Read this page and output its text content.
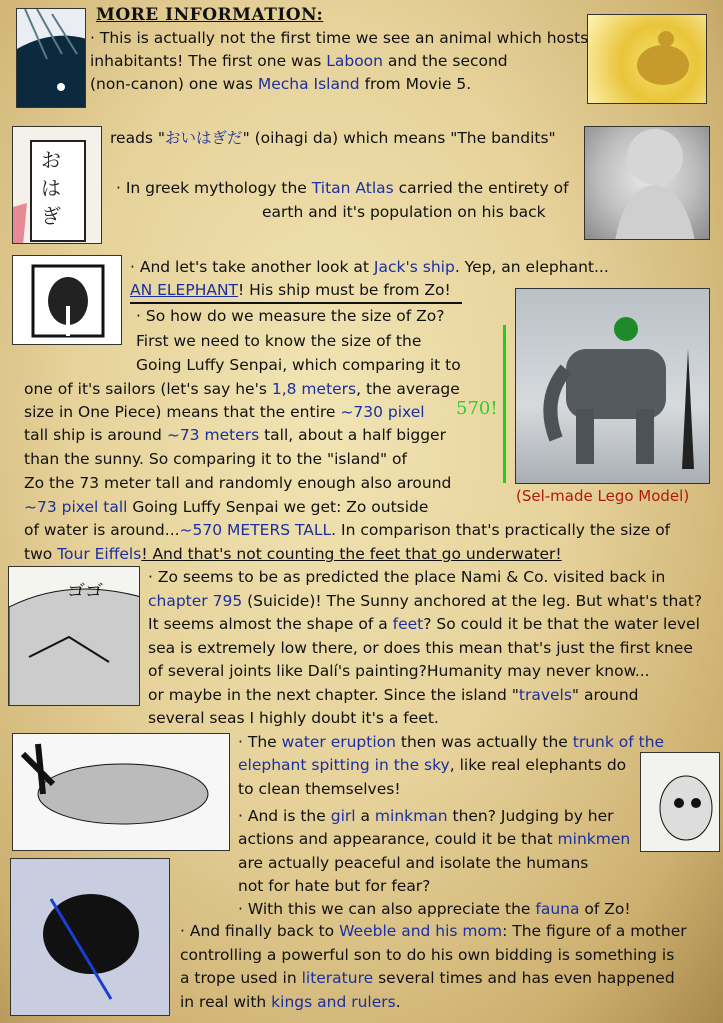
MORE INFORMATION:
お
は
ぎ
ゴゴ

· This is actually not the first time we see an animal which hosts

inhabitants! The first one was Laboon and the second

(non-canon) one was Mecha Island from Movie 5.

reads "おいはぎだ" (oihagi da) which means "The bandits"

· In greek mythology the Titan Atlas carried the entirety of

earth and it's population on his back

· And let's take another look at Jack's ship. Yep, an elephant...

AN ELEPHANT! His ship must be from Zo!

· So how do we measure the size of Zo?

First we need to know the size of the

Going Luffy Senpai, which comparing it to

one of it's sailors (let's say he's 1,8 meters, the average

size in One Piece) means that the entire ~730 pixel 570!

tall ship is around ~73 meters tall, about a half bigger

than the sunny. So comparing it to the "island" of

Zo the 73 meter tall and randomly enough also around

~73 pixel tall Going Luffy Senpai we get: Zo outside

(Sel-made Lego Model)

of water is around...~570 METERS TALL. In comparison that's practically the size of

two Tour Eiffels! And that's not counting the feet that go underwater!

· Zo seems to be as predicted the place Nami & Co. visited back in

chapter 795 (Suicide)! The Sunny anchored at the leg. But what's that?

It seems almost the shape of a feet? So could it be that the water level

sea is extremely low there, or does this mean that's just the first knee

of several joints like Dalí's painting?Humanity may never know...

or maybe in the next chapter. Since the island "travels" around

several seas I highly doubt it's a feet.

· The water eruption then was actually the trunk of the

elephant spitting in the sky, like real elephants do

to clean themselves!

· And is the girl a minkman then? Judging by her

actions and appearance, could it be that minkmen

are actually peaceful and isolate the humans

not for hate but for fear?

· With this we can also appreciate the fauna of Zo!

· And finally back to Weeble and his mom: The figure of a mother

controlling a powerful son to do his own bidding is something is

a trope used in literature several times and has even happened

in real with kings and rulers.
